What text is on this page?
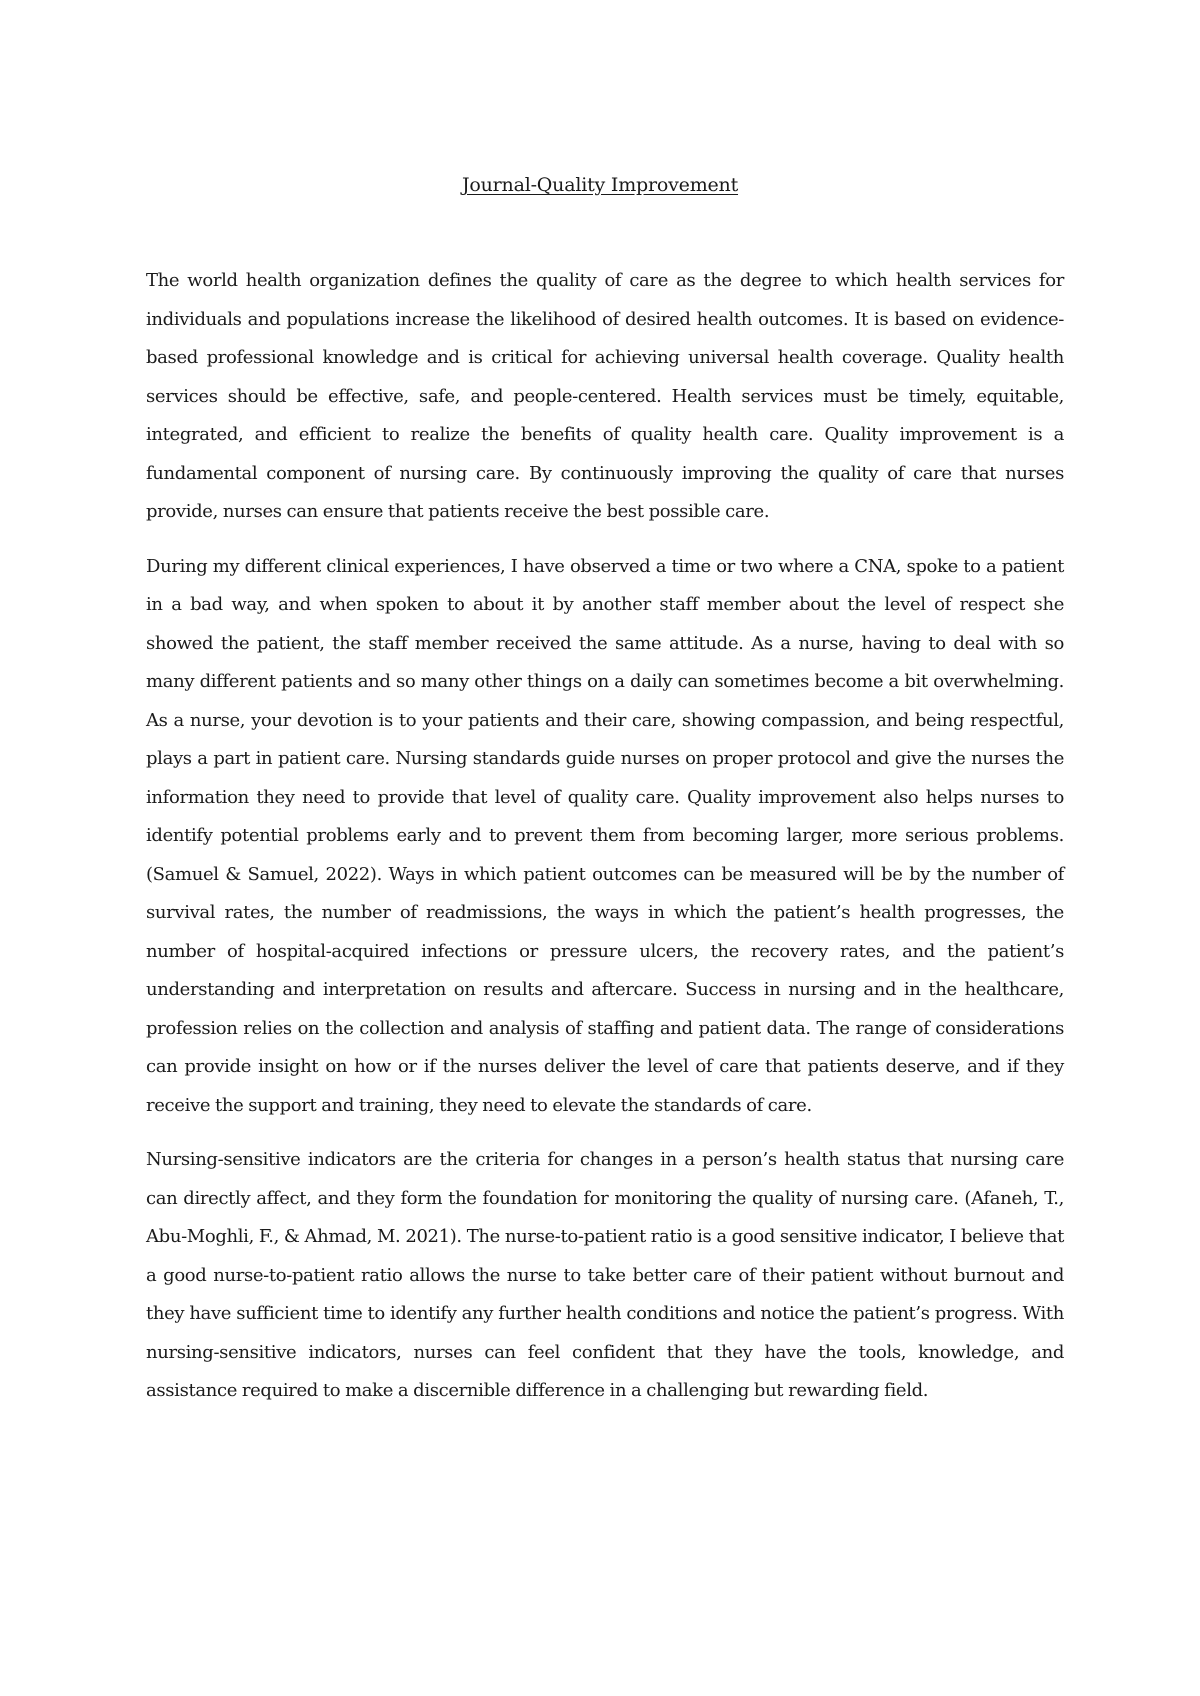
Journal-Quality Improvement

The world health organization defines the quality of care as the degree to which health services for individuals and populations increase the likelihood of desired health outcomes. It is based on evidence-based professional knowledge and is critical for achieving universal health coverage. Quality health services should be effective, safe, and people-centered. Health services must be timely, equitable, integrated, and efficient to realize the benefits of quality health care. Quality improvement is a fundamental component of nursing care. By continuously improving the quality of care that nurses provide, nurses can ensure that patients receive the best possible care.

During my different clinical experiences, I have observed a time or two where a CNA, spoke to a patient in a bad way, and when spoken to about it by another staff member about the level of respect she showed the patient, the staff member received the same attitude. As a nurse, having to deal with so many different patients and so many other things on a daily can sometimes become a bit overwhelming. As a nurse, your devotion is to your patients and their care, showing compassion, and being respectful, plays a part in patient care. Nursing standards guide nurses on proper protocol and give the nurses the information they need to provide that level of quality care. Quality improvement also helps nurses to identify potential problems early and to prevent them from becoming larger, more serious problems. (Samuel & Samuel, 2022). Ways in which patient outcomes can be measured will be by the number of survival rates, the number of readmissions, the ways in which the patient’s health progresses, the number of hospital-acquired infections or pressure ulcers, the recovery rates, and the patient’s understanding and interpretation on results and aftercare. Success in nursing and in the healthcare, profession relies on the collection and analysis of staffing and patient data. The range of considerations can provide insight on how or if the nurses deliver the level of care that patients deserve, and if they receive the support and training, they need to elevate the standards of care.

Nursing-sensitive indicators are the criteria for changes in a person’s health status that nursing care can directly affect, and they form the foundation for monitoring the quality of nursing care. (Afaneh, T., Abu-Moghli, F., & Ahmad, M. 2021). The nurse-to-patient ratio is a good sensitive indicator, I believe that a good nurse-to-patient ratio allows the nurse to take better care of their patient without burnout and they have sufficient time to identify any further health conditions and notice the patient’s progress. With nursing-sensitive indicators, nurses can feel confident that they have the tools, knowledge, and assistance required to make a discernible difference in a challenging but rewarding field.
